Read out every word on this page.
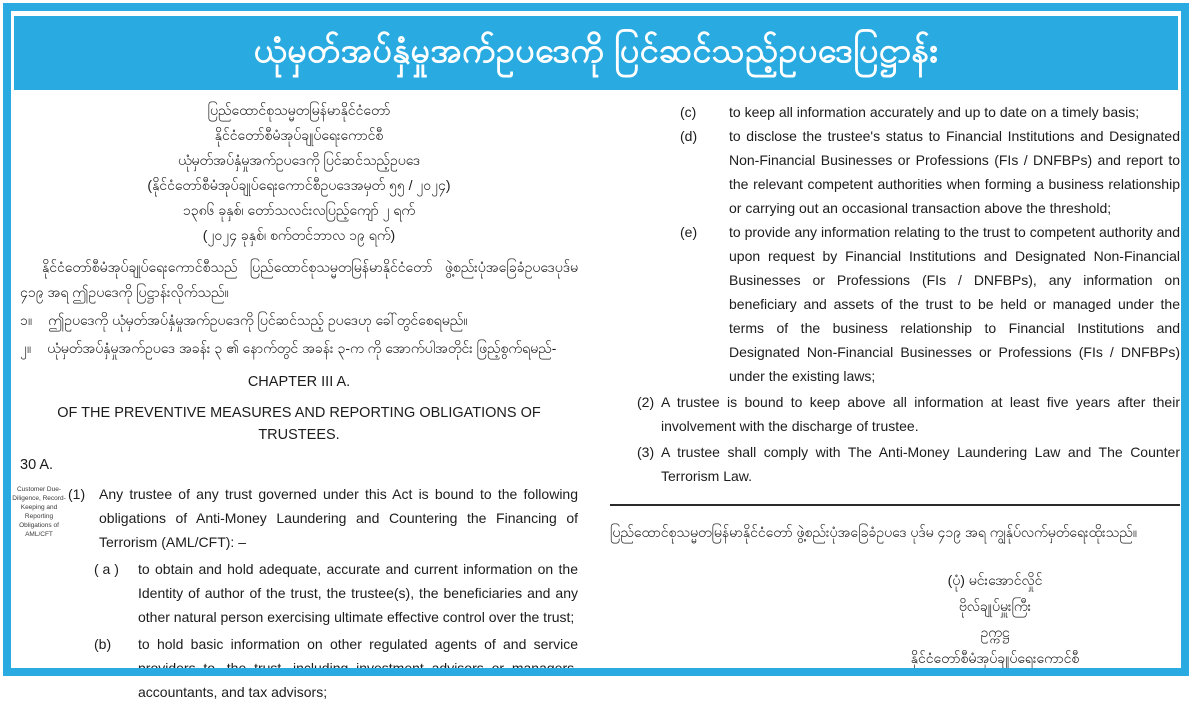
ယုံမှတ်အပ်နှံမှုအက်ဥပဒေကို ပြင်ဆင်သည့်ဥပဒေပြဋ္ဌာန်း
ပြည်ထောင်စုသမ္မတမြန်မာနိုင်ငံတော်
နိုင်ငံတော်စီမံအုပ်ချုပ်ရေးကောင်စီ
ယုံမှတ်အပ်နှံမှုအက်ဥပဒေကို ပြင်ဆင်သည့်ဥပဒေ
(နိုင်ငံတော်စီမံအုပ်ချုပ်ရေးကောင်စီဥပဒေအမှတ် ၅၅ / ၂၀၂၄)
၁၃၈၆ ခုနှစ်၊ တော်သလင်းလပြည့်ကျော် ၂ ရက်
(၂၀၂၄ ခုနှစ်၊ စက်တင်ဘာလ ၁၉ ရက်)

နိုင်ငံတော်စီမံအုပ်ချုပ်ရေးကောင်စီသည် ပြည်ထောင်စုသမ္မတမြန်မာနိုင်ငံတော် ဖွဲ့စည်းပုံအခြေခံဥပဒေပုဒ်မ ၄၁၉ အရ ဤဥပဒေကို ပြဋ္ဌာန်းလိုက်သည်။

၁။ ဤဥပဒေကို ယုံမှတ်အပ်နှံမှုအက်ဥပဒေကို ပြင်ဆင်သည့် ဥပဒေဟု ခေါ်တွင်စေရမည်။

၂။ ယုံမှတ်အပ်နှံမှုအက်ဥပဒေ အခန်း ၃ ၏ နောက်တွင် အခန်း ၃-က ကို အောက်ပါအတိုင်း ဖြည့်စွက်ရမည်-

CHAPTER III A.
OF THE PREVENTIVE MEASURES AND REPORTING OBLIGATIONS OF TRUSTEES.
30 A.
Customer Due-Diligence, Record-Keeping and Reporting Obligations of AML/CFT
(1) Any trustee of any trust governed under this Act is bound to the following obligations of Anti-Money Laundering and Countering the Financing of Terrorism (AML/CFT): –
( a )	to obtain and hold adequate, accurate and current information on the Identity of author of the trust, the trustee(s), the beneficiaries and any other natural person exercising ultimate effective control over the trust;
(b)	to hold basic information on other regulated agents of and service providers to, the trust, including investment advisors or managers, accountants, and tax advisors;
(c)	to keep all information accurately and up to date on a timely basis;
(d)	to disclose the trustee's status to Financial Institutions and Designated Non-Financial Businesses or Professions (FIs / DNFBPs) and report to the relevant competent authorities when forming a business relationship or carrying out an occasional transaction above the threshold;
(e)	to provide any information relating to the trust to competent authority and upon request by Financial Institutions and Designated Non-Financial Businesses or Professions (FIs / DNFBPs), any information on beneficiary and assets of the trust to be held or managed under the terms of the business relationship to Financial Institutions and Designated Non-Financial Businesses or Professions (FIs / DNFBPs) under the existing laws;
(2) A trustee is bound to keep above all information at least five years after their involvement with the discharge of trustee.
(3) A trustee shall comply with The Anti-Money Laundering Law and The Counter Terrorism Law.

ပြည်ထောင်စုသမ္မတမြန်မာနိုင်ငံတော် ဖွဲ့စည်းပုံအခြေခံဥပဒေ ပုဒ်မ ၄၁၉ အရ ကျွန်ုပ်လက်မှတ်ရေးထိုးသည်။

(ပုံ) မင်းအောင်လှိုင်
ဗိုလ်ချုပ်မှူးကြီး
ဥက္ကဋ္ဌ
နိုင်ငံတော်စီမံအုပ်ချုပ်ရေးကောင်စီ
